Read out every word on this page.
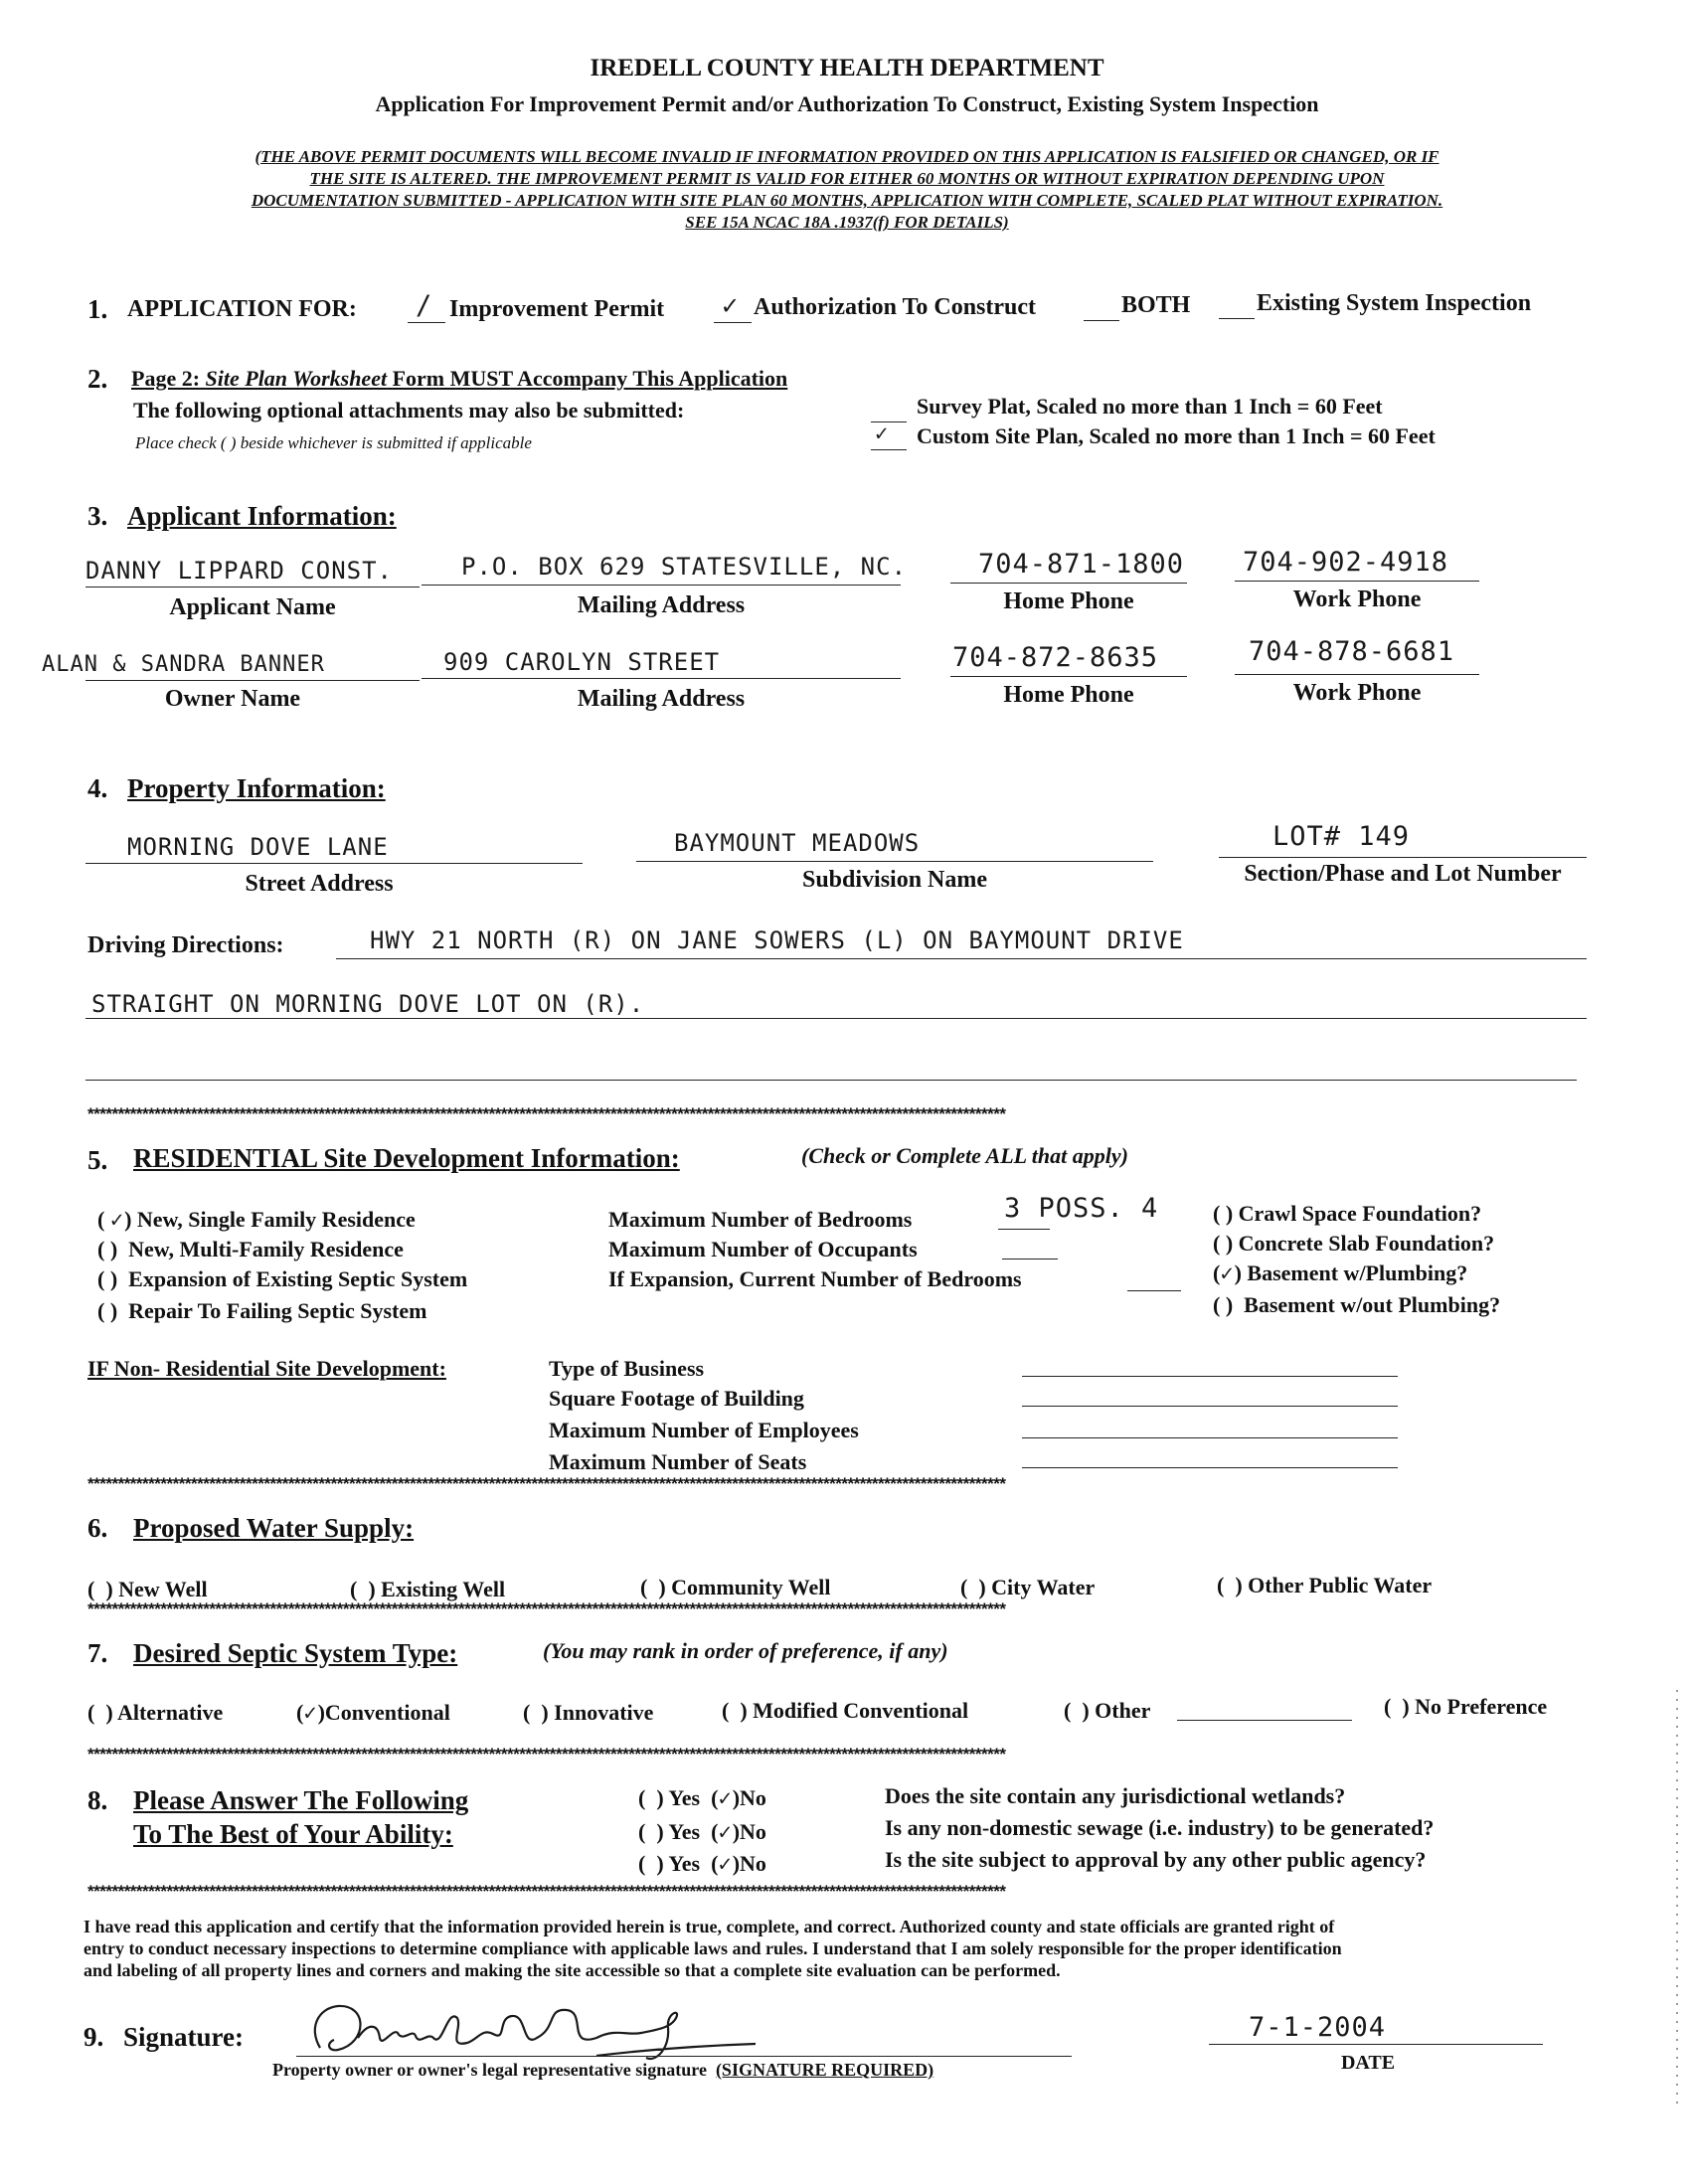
IREDELL COUNTY HEALTH DEPARTMENT
Application For Improvement Permit and/or Authorization To Construct, Existing System Inspection
(THE ABOVE PERMIT DOCUMENTS WILL BECOME INVALID IF INFORMATION PROVIDED ON THIS APPLICATION IS FALSIFIED OR CHANGED, OR IF
THE SITE IS ALTERED. THE IMPROVEMENT PERMIT IS VALID FOR EITHER 60 MONTHS OR WITHOUT EXPIRATION DEPENDING UPON
DOCUMENTATION SUBMITTED - APPLICATION WITH SITE PLAN 60 MONTHS, APPLICATION WITH COMPLETE, SCALED PLAT WITHOUT EXPIRATION.
SEE 15A NCAC 18A .1937(f) FOR DETAILS)
1. APPLICATION FOR: / Improvement Permit ✓ Authorization To Construct	BOTH	Existing System Inspection
2. Page 2: Site Plan Worksheet Form MUST Accompany This Application
The following optional attachments may also be submitted:
Place check ( ) beside whichever is submitted if applicable
Survey Plat, Scaled no more than 1 Inch = 60 Feet
✓ Custom Site Plan, Scaled no more than 1 Inch = 60 Feet
3. Applicant Information:
DANNY LIPPARD CONST.	P.O. BOX 629 STATESVILLE, NC.	704-871-1800 704-902-4918
Applicant Name	Mailing Address	Home Phone	Work Phone
ALAN & SANDRA BANNER	909 CAROLYN STREET	704-872-8635	704-878-6681
Owner Name	Mailing Address	Home Phone	Work Phone
4. Property Information:
MORNING DOVE LANE	BAYMOUNT MEADOWS	LOT# 149
Street Address	Subdivision Name	Section/Phase and Lot Number
Driving Directions:	HWY 21 NORTH (R) ON JANE SOWERS (L) ON BAYMOUNT DRIVE
STRAIGHT ON MORNING DOVE LOT ON (R).
*******************************************************************************************************************************************************
5. RESIDENTIAL Site Development Information:	(Check or Complete ALL that apply)
( ✓) New, Single Family Residence
( )  New, Multi-Family Residence
( )  Expansion of Existing Septic System
( )  Repair To Failing Septic System
Maximum Number of Bedrooms	3 POSS. 4
Maximum Number of Occupants
If Expansion, Current Number of Bedrooms
( ) Crawl Space Foundation?
( ) Concrete Slab Foundation?
(✓) Basement w/Plumbing?
( )  Basement w/out Plumbing?
IF Non- Residential Site Development:	Type of Business
Square Footage of Building
Maximum Number of Employees
Maximum Number of Seats
*******************************************************************************************************************************************************
6. Proposed Water Supply:
(  ) New Well	(  ) Existing Well	(  ) Community Well	(  ) City Water	(  ) Other Public Water
*******************************************************************************************************************************************************
7. Desired Septic System Type:	(You may rank in order of preference, if any)
(  ) Alternative	(✓)Conventional	(  ) Innovative	(  ) Modified Conventional	(  ) Other	(  ) No Preference
*******************************************************************************************************************************************************
8. Please Answer The Following
To The Best of Your Ability:
(  ) Yes  (✓)No	Does the site contain any jurisdictional wetlands?
(  ) Yes  (✓)No	Is any non-domestic sewage (i.e. industry) to be generated?
(  ) Yes  (✓)No	Is the site subject to approval by any other public agency?
*******************************************************************************************************************************************************
I have read this application and certify that the information provided herein is true, complete, and correct. Authorized county and state officials are granted right of
entry to conduct necessary inspections to determine compliance with applicable laws and rules. I understand that I am solely responsible for the proper identification
and labeling of all property lines and corners and making the site accessible so that a complete site evaluation can be performed.
9. Signature:
Property owner or owner's legal representative signature (SIGNATURE REQUIRED)
7-1-2004
DATE
